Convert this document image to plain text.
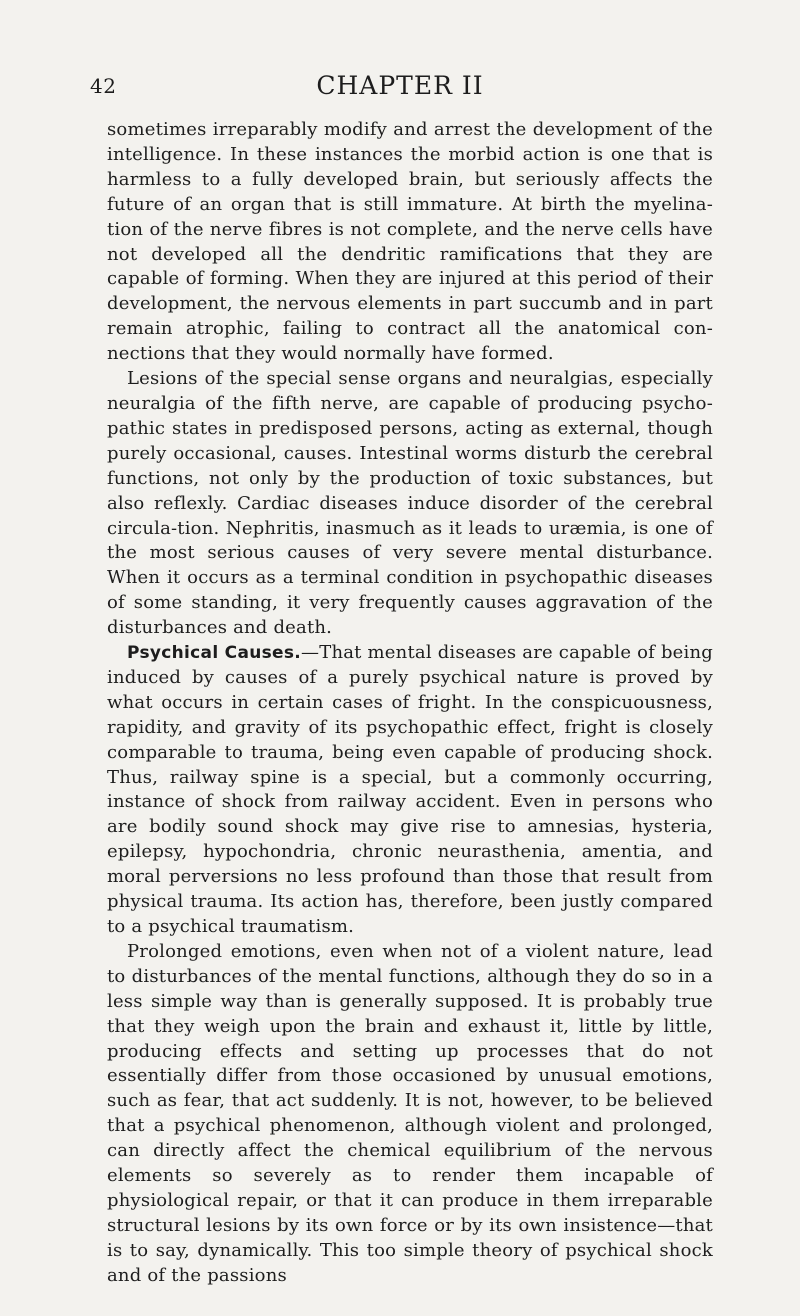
42	CHAPTER II

sometimes irreparably modify and arrest the development of the intelligence. In these instances the morbid action is one that is harmless to a fully developed brain, but seriously affects the future of an organ that is still immature. At birth the myelina-tion of the nerve fibres is not complete, and the nerve cells have not developed all the dendritic ramifications that they are capable of forming. When they are injured at this period of their development, the nervous elements in part succumb and in part remain atrophic, failing to contract all the anatomical con-nections that they would normally have formed.

Lesions of the special sense organs and neuralgias, especially neuralgia of the fifth nerve, are capable of producing psycho-pathic states in predisposed persons, acting as external, though purely occasional, causes. Intestinal worms disturb the cerebral functions, not only by the production of toxic substances, but also reflexly. Cardiac diseases induce disorder of the cerebral circula-tion. Nephritis, inasmuch as it leads to uræmia, is one of the most serious causes of very severe mental disturbance. When it occurs as a terminal condition in psychopathic diseases of some standing, it very frequently causes aggravation of the disturbances and death.

Psychical Causes.—That mental diseases are capable of being induced by causes of a purely psychical nature is proved by what occurs in certain cases of fright. In the conspicuousness, rapidity, and gravity of its psychopathic effect, fright is closely comparable to trauma, being even capable of producing shock. Thus, railway spine is a special, but a commonly occurring, instance of shock from railway accident. Even in persons who are bodily sound shock may give rise to amnesias, hysteria, epilepsy, hypochondria, chronic neurasthenia, amentia, and moral perversions no less profound than those that result from physical trauma. Its action has, therefore, been justly compared to a psychical traumatism.

Prolonged emotions, even when not of a violent nature, lead to disturbances of the mental functions, although they do so in a less simple way than is generally supposed. It is probably true that they weigh upon the brain and exhaust it, little by little, producing effects and setting up processes that do not essentially differ from those occasioned by unusual emotions, such as fear, that act suddenly. It is not, however, to be believed that a psychical phenomenon, although violent and prolonged, can directly affect the chemical equilibrium of the nervous elements so severely as to render them incapable of physiological repair, or that it can produce in them irreparable structural lesions by its own force or by its own insistence—that is to say, dynamically. This too simple theory of psychical shock and of the passions
